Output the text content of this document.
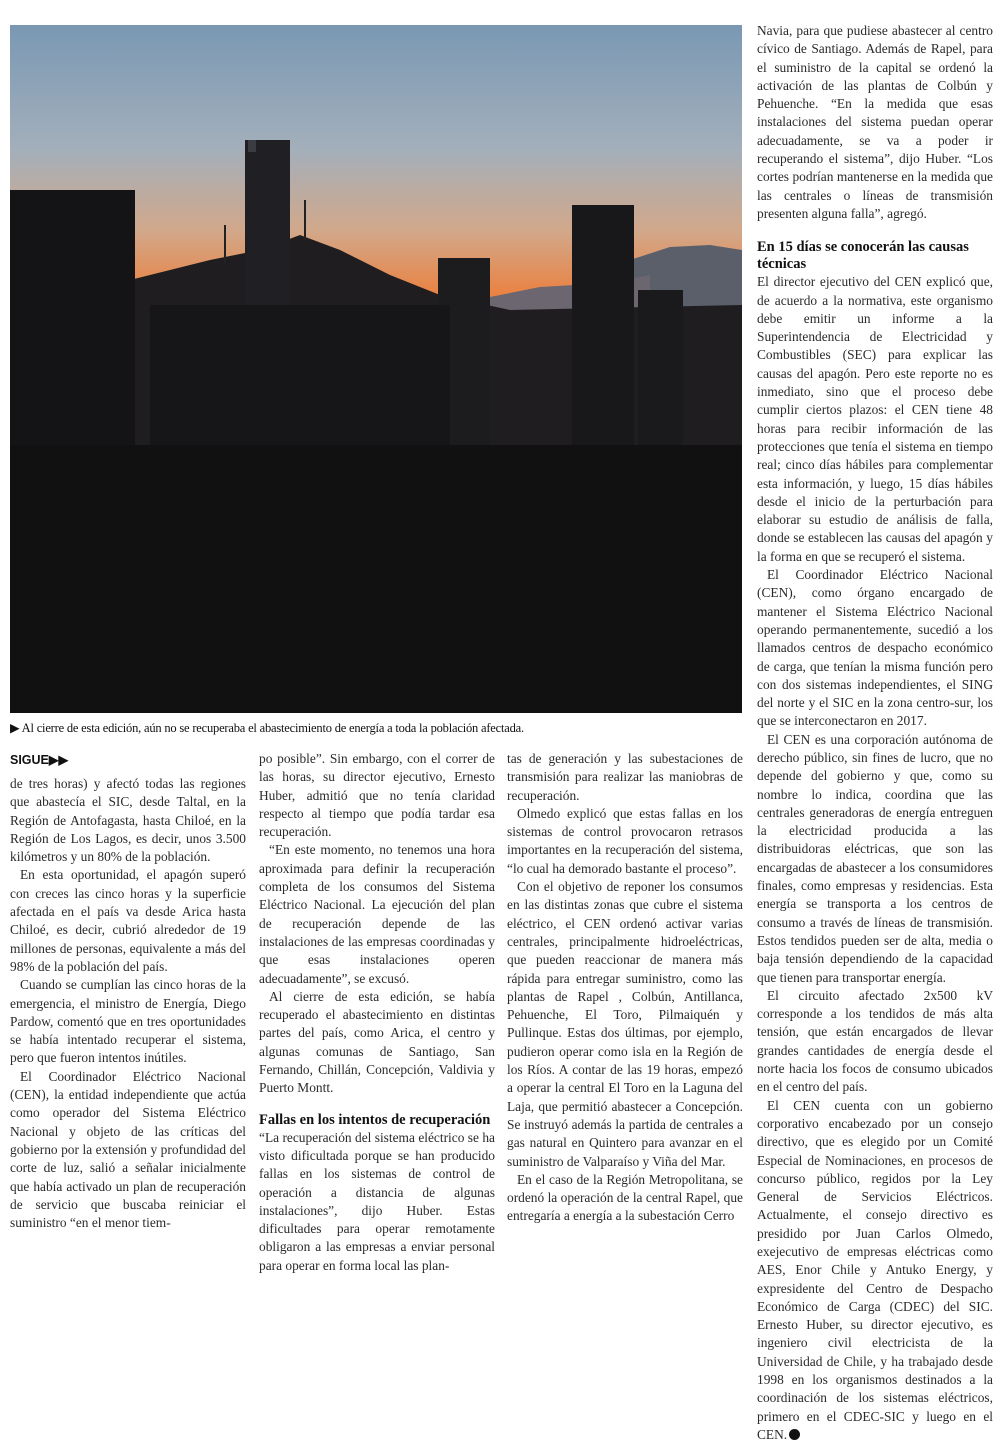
▶ Al cierre de esta edición, aún no se recuperaba el abastecimiento de energía a toda la población afectada.
SIGUE▶▶

de tres horas) y afectó todas las regiones que abastecía el SIC, desde Taltal, en la Región de Antofagasta, hasta Chiloé, en la Región de Los Lagos, es decir, unos 3.500 kilómetros y un 80% de la población.

En esta oportunidad, el apagón superó con creces las cinco horas y la superficie afectada en el país va desde Arica hasta Chiloé, es decir, cubrió alrededor de 19 millones de personas, equivalente a más del 98% de la población del país.

Cuando se cumplían las cinco horas de la emergencia, el ministro de Energía, Diego Pardow, comentó que en tres oportunidades se había intentado recuperar el sistema, pero que fueron intentos inútiles.

El Coordinador Eléctrico Nacional (CEN), la entidad independiente que actúa como operador del Sistema Eléctrico Nacional y objeto de las críticas del gobierno por la extensión y profundidad del corte de luz, salió a señalar inicialmente que había activado un plan de recuperación de servicio que buscaba reiniciar el suministro “en el menor tiem-

po posible”. Sin embargo, con el correr de las horas, su director ejecutivo, Ernesto Huber, admitió que no tenía claridad respecto al tiempo que podía tardar esa recuperación.

“En este momento, no tenemos una hora aproximada para definir la recuperación completa de los consumos del Sistema Eléctrico Nacional. La ejecución del plan de recuperación depende de las instalaciones de las empresas coordinadas y que esas instalaciones operen adecuadamente”, se excusó.

Al cierre de esta edición, se había recuperado el abastecimiento en distintas partes del país, como Arica, el centro y algunas comunas de Santiago, San Fernando, Chillán, Concepción, Valdivia y Puerto Montt.

Fallas en los intentos de recuperación

“La recuperación del sistema eléctrico se ha visto dificultada porque se han producido fallas en los sistemas de control de operación a distancia de algunas instalaciones”, dijo Huber. Estas dificultades para operar remotamente obligaron a las empresas a enviar personal para operar en forma local las plan-

tas de generación y las subestaciones de transmisión para realizar las maniobras de recuperación.

Olmedo explicó que estas fallas en los sistemas de control provocaron retrasos importantes en la recuperación del sistema, “lo cual ha demorado bastante el proceso”.

Con el objetivo de reponer los consumos en las distintas zonas que cubre el sistema eléctrico, el CEN ordenó activar varias centrales, principalmente hidroeléctricas, que pueden reaccionar de manera más rápida para entregar suministro, como las plantas de Rapel , Colbún, Antillanca, Pehuenche, El Toro, Pilmaiquén y Pullinque. Estas dos últimas, por ejemplo, pudieron operar como isla en la Región de los Ríos. A contar de las 19 horas, empezó a operar la central El Toro en la Laguna del Laja, que permitió abastecer a Concepción. Se instruyó además la partida de centrales a gas natural en Quintero para avanzar en el suministro de Valparaíso y Viña del Mar.

En el caso de la Región Metropolitana, se ordenó la operación de la central Rapel, que entregaría a energía a la subestación Cerro

Navia, para que pudiese abastecer al centro cívico de Santiago. Además de Rapel, para el suministro de la capital se ordenó la activación de las plantas de Colbún y Pehuenche. “En la medida que esas instalaciones del sistema puedan operar adecuadamente, se va a poder ir recuperando el sistema”, dijo Huber. “Los cortes podrían mantenerse en la medida que las centrales o líneas de transmisión presenten alguna falla”, agregó.

En 15 días se conocerán las causas técnicas

El director ejecutivo del CEN explicó que, de acuerdo a la normativa, este organismo debe emitir un informe a la Superintendencia de Electricidad y Combustibles (SEC) para explicar las causas del apagón. Pero este reporte no es inmediato, sino que el proceso debe cumplir ciertos plazos: el CEN tiene 48 horas para recibir información de las protecciones que tenía el sistema en tiempo real; cinco días hábiles para complementar esta información, y luego, 15 días hábiles desde el inicio de la perturbación para elaborar su estudio de análisis de falla, donde se establecen las causas del apagón y la forma en que se recuperó el sistema.

El Coordinador Eléctrico Nacional (CEN), como órgano encargado de mantener el Sistema Eléctrico Nacional operando permanentemente, sucedió a los llamados centros de despacho económico de carga, que tenían la misma función pero con dos sistemas independientes, el SING del norte y el SIC en la zona centro-sur, los que se interconectaron en 2017.

El CEN es una corporación autónoma de derecho público, sin fines de lucro, que no depende del gobierno y que, como su nombre lo indica, coordina que las centrales generadoras de energía entreguen la electricidad producida a las distribuidoras eléctricas, que son las encargadas de abastecer a los consumidores finales, como empresas y residencias. Esta energía se transporta a los centros de consumo a través de líneas de transmisión. Estos tendidos pueden ser de alta, media o baja tensión dependiendo de la capacidad que tienen para transportar energía.

El circuito afectado 2x500 kV corresponde a los tendidos de más alta tensión, que están encargados de llevar grandes cantidades de energía desde el norte hacia los focos de consumo ubicados en el centro del país.

El CEN cuenta con un gobierno corporativo encabezado por un consejo directivo, que es elegido por un Comité Especial de Nominaciones, en procesos de concurso público, regidos por la Ley General de Servicios Eléctricos. Actualmente, el consejo directivo es presidido por Juan Carlos Olmedo, exejecutivo de empresas eléctricas como AES, Enor Chile y Antuko Energy, y expresidente del Centro de Despacho Económico de Carga (CDEC) del SIC. Ernesto Huber, su director ejecutivo, es ingeniero civil electricista de la Universidad de Chile, y ha trabajado desde 1998 en los organismos destinados a la coordinación de los sistemas eléctricos, primero en el CDEC-SIC y luego en el CEN.
